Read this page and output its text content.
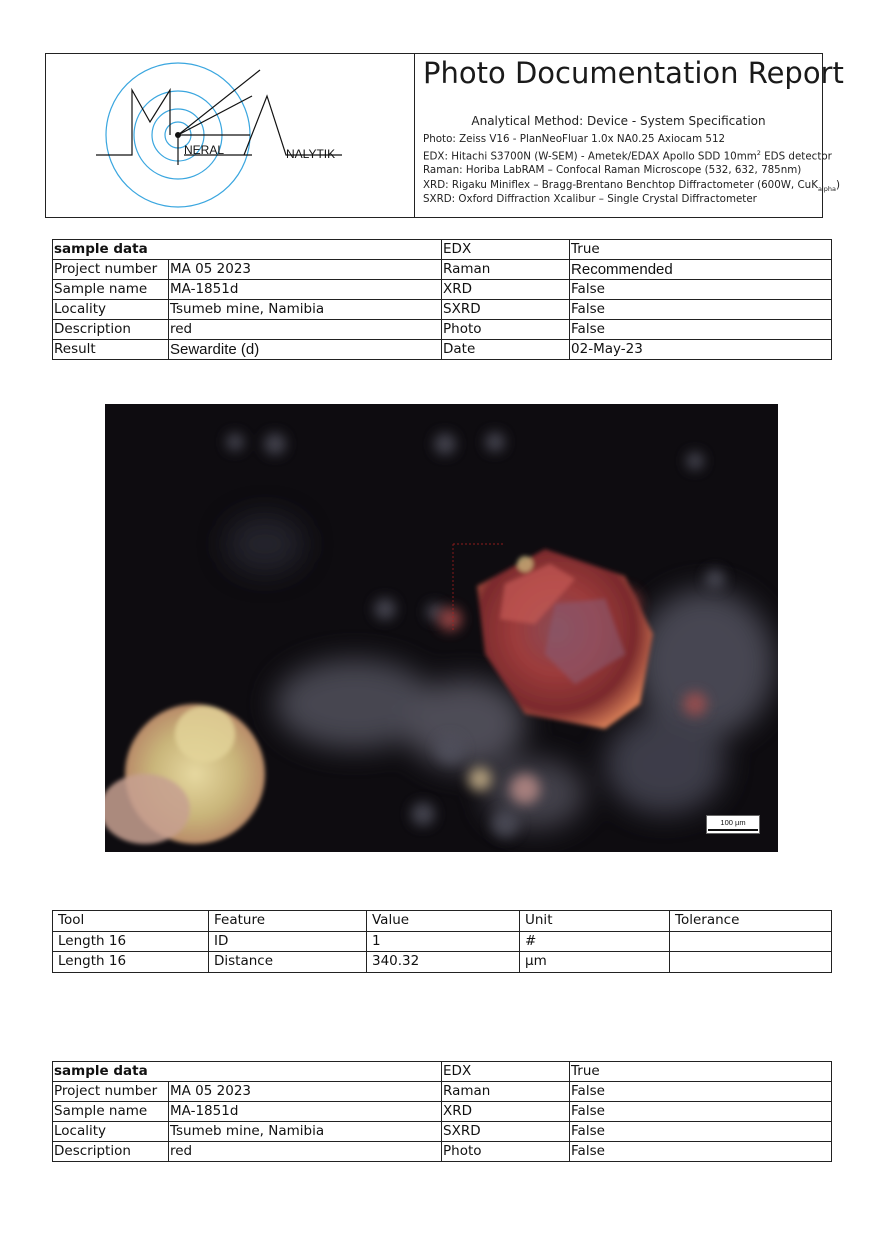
NERAL	NALYTIK
Photo Documentation Report
Analytical Method: Device - System Specification
Photo: Zeiss V16 - PlanNeoFluar 1.0x NA0.25 Axiocam 512
EDX: Hitachi S3700N (W-SEM) - Ametek/EDAX Apollo SDD $10mm^2$ EDS detector
Raman: Horiba LabRAM – Confocal Raman Microscope (532, 632, 785nm)
XRD: Rigaku Miniflex – Bragg-Brentano Benchtop Diffractometer (600W, CuK$_{alpha}$)
SXRD: Oxford Diffraction Xcalibur – Single Crystal Diffractometer
sample data		EDX	True
Project number	MA 05 2023	Raman	Recommended
Sample name	MA-1851d	XRD	False
Locality	Tsumeb mine, Namibia	SXRD	False
Description	red	Photo	False
Result	Sewardite (d)	Date	02-May-23
100 µm
Tool	Feature	Value	Unit	Tolerance
Length 16	ID	1	#	
Length 16	Distance	340.32	µm	
sample data		EDX	True
Project number	MA 05 2023	Raman	False
Sample name	MA-1851d	XRD	False
Locality	Tsumeb mine, Namibia	SXRD	False
Description	red	Photo	False
